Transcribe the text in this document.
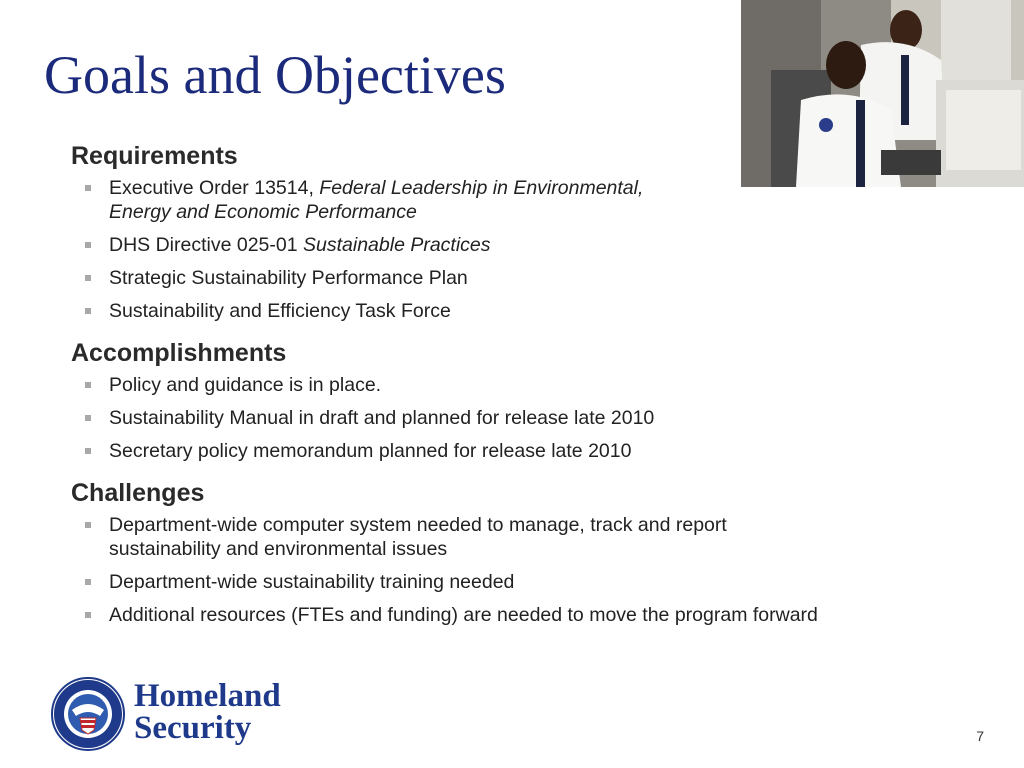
Goals and Objectives
Requirements
Executive Order 13514, Federal Leadership in Environmental,
Energy and Economic Performance
DHS Directive 025-01 Sustainable Practices
Strategic Sustainability Performance Plan
Sustainability and Efficiency Task Force
Accomplishments
Policy and guidance is in place.
Sustainability Manual in draft and planned for release late 2010
Secretary policy memorandum planned for release late 2010
Challenges
Department-wide computer system needed to manage, track and report
sustainability and environmental issues
Department-wide sustainability training needed
Additional resources (FTEs and funding) are needed to move the program forward
Homeland
Security	7
